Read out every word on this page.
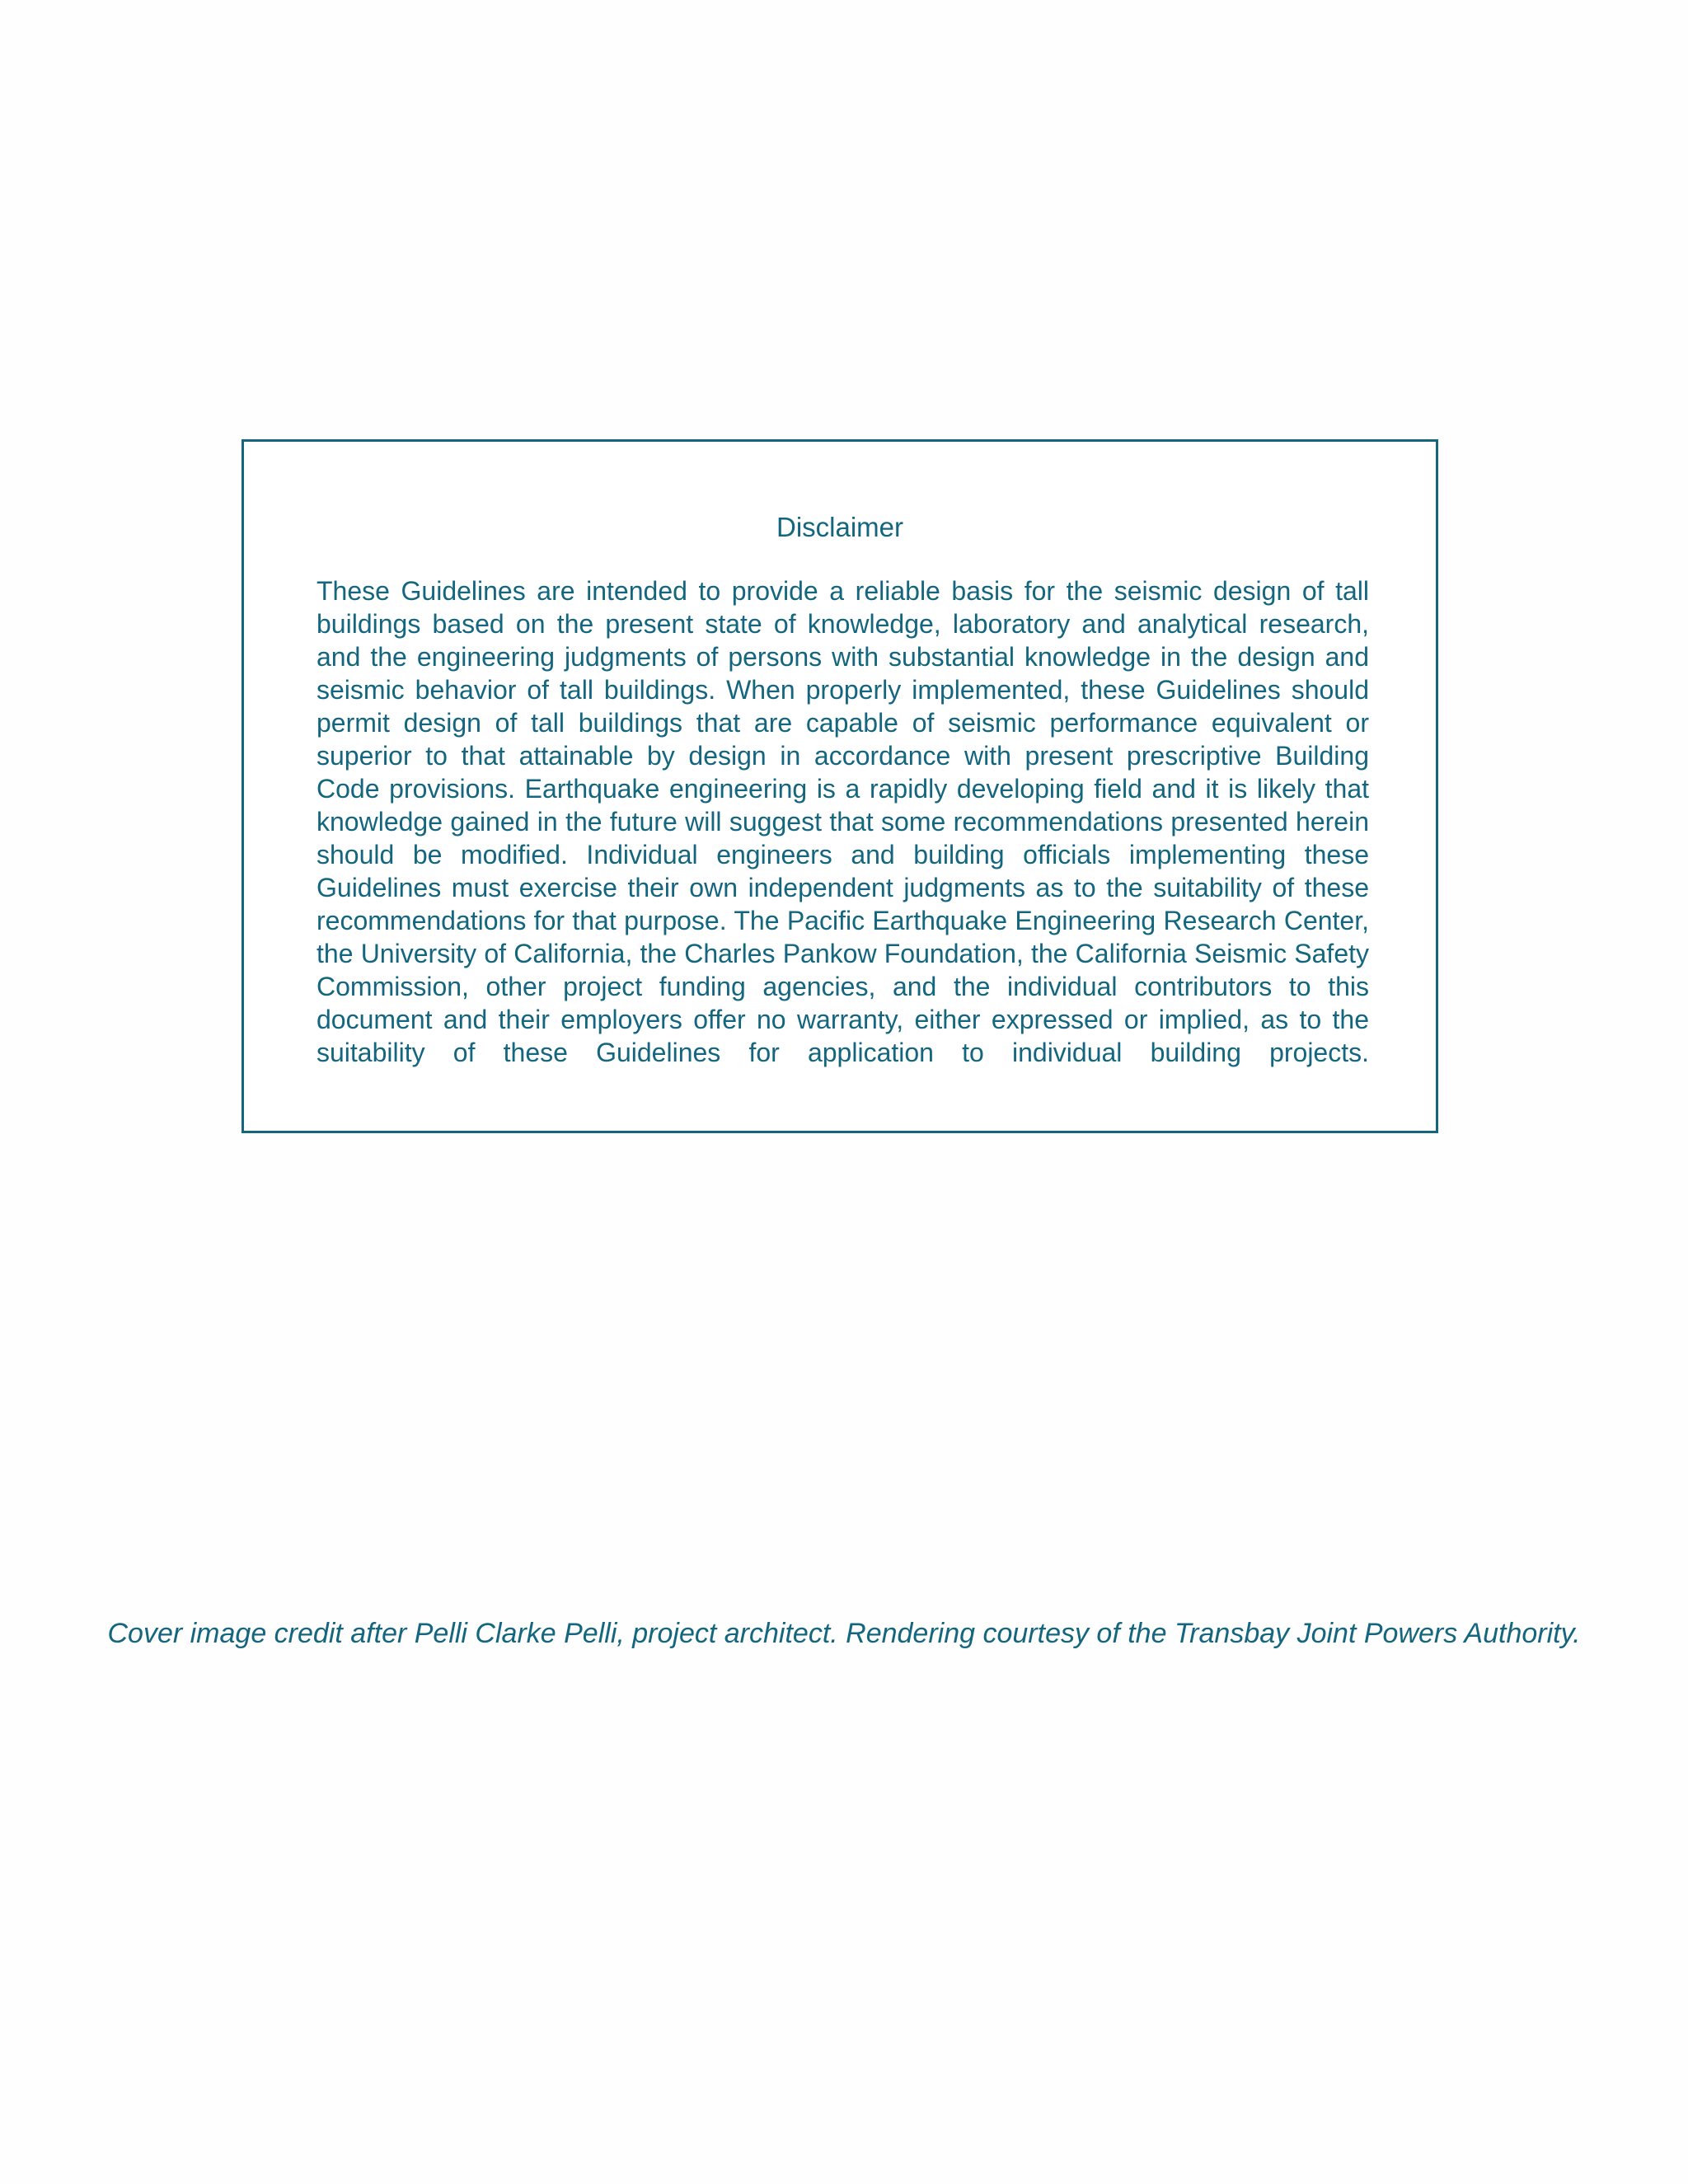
Disclaimer

These Guidelines are intended to provide a reliable basis for the seismic design of tall buildings based on the present state of knowledge, laboratory and analytical research, and the engineering judgments of persons with substantial knowledge in the design and seismic behavior of tall buildings. When properly implemented, these Guidelines should permit design of tall buildings that are capable of seismic performance equivalent or superior to that attainable by design in accordance with present prescriptive Building Code provisions. Earthquake engineering is a rapidly developing field and it is likely that knowledge gained in the future will suggest that some recommendations presented herein should be modified. Individual engineers and building officials implementing these Guidelines must exercise their own independent judgments as to the suitability of these recommendations for that purpose. The Pacific Earthquake Engineering Research Center, the University of California, the Charles Pankow Foundation, the California Seismic Safety Commission, other project funding agencies, and the individual contributors to this document and their employers offer no warranty, either expressed or implied, as to the suitability of these Guidelines for application to individual building projects.

Cover image credit after Pelli Clarke Pelli, project architect. Rendering courtesy of the Transbay Joint Powers Authority.
